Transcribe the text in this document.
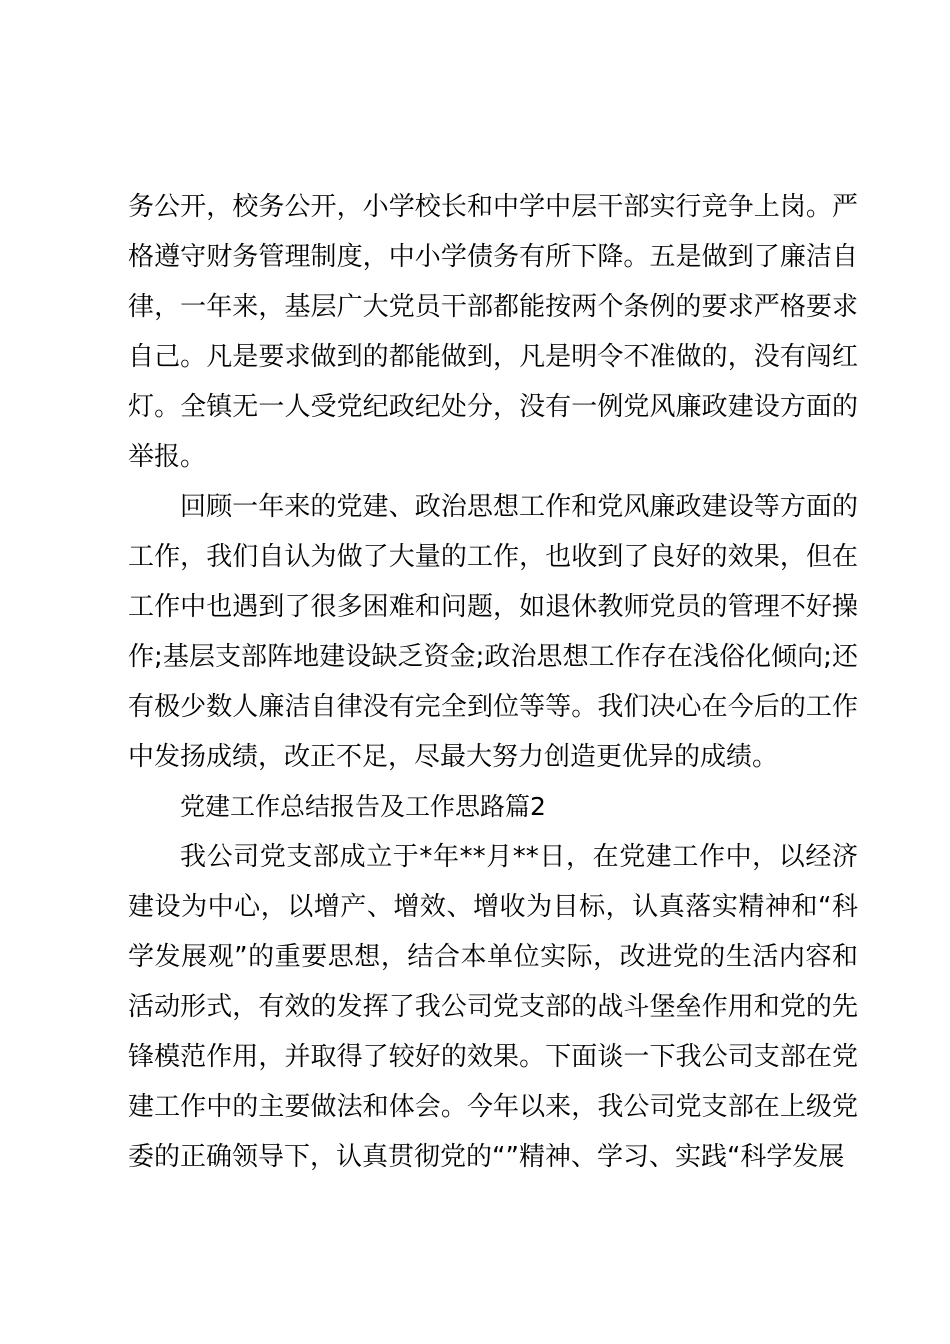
务公开，校务公开，小学校长和中学中层干部实行竞争上岗。严格遵守财务管理制度，中小学债务有所下降。五是做到了廉洁自律，一年来，基层广大党员干部都能按两个条例的要求严格要求自己。凡是要求做到的都能做到，凡是明令不准做的，没有闯红灯。全镇无一人受党纪政纪处分，没有一例党风廉政建设方面的举报。

回顾一年来的党建、政治思想工作和党风廉政建设等方面的工作，我们自认为做了大量的工作，也收到了良好的效果，但在工作中也遇到了很多困难和问题，如退休教师党员的管理不好操作;基层支部阵地建设缺乏资金;政治思想工作存在浅俗化倾向;还有极少数人廉洁自律没有完全到位等等。我们决心在今后的工作中发扬成绩，改正不足，尽最大努力创造更优异的成绩。

党建工作总结报告及工作思路篇2

我公司党支部成立于*年**月**日，在党建工作中，以经济建设为中心，以增产、增效、增收为目标，认真落实精神和“科学发展观”的重要思想，结合本单位实际，改进党的生活内容和活动形式，有效的发挥了我公司党支部的战斗堡垒作用和党的先锋模范作用，并取得了较好的效果。下面谈一下我公司支部在党建工作中的主要做法和体会。今年以来，我公司党支部在上级党委的正确领导下，认真贯彻党的“”精神、学习、实践“科学发展
